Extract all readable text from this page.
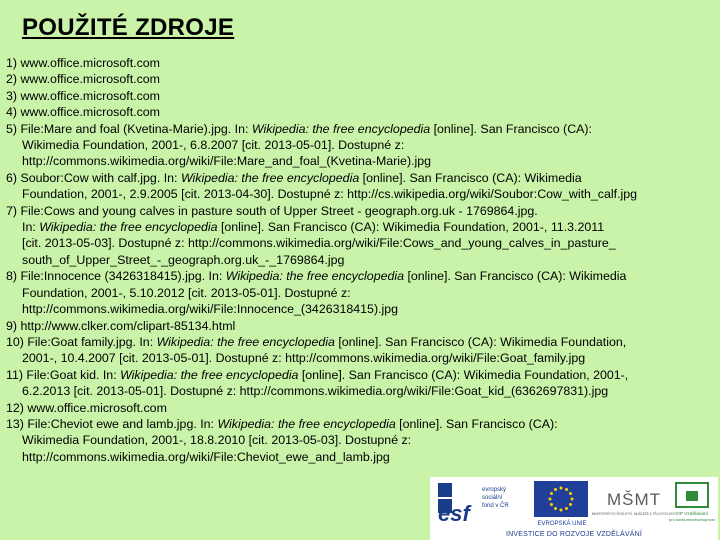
POUŽITÉ ZDROJE
1) www.office.microsoft.com
2) www.office.microsoft.com
3) www.office.microsoft.com
4) www.office.microsoft.com
5) File:Mare and foal (Kvetina-Marie).jpg. In: Wikipedia: the free encyclopedia [online]. San Francisco (CA):
Wikimedia Foundation, 2001-, 6.8.2007 [cit. 2013-05-01]. Dostupné z:
http://commons.wikimedia.org/wiki/File:Mare_and_foal_(Kvetina-Marie).jpg
6) Soubor:Cow with calf.jpg. In: Wikipedia: the free encyclopedia [online]. San Francisco (CA): Wikimedia
Foundation, 2001-, 2.9.2005 [cit. 2013-04-30]. Dostupné z: http://cs.wikipedia.org/wiki/Soubor:Cow_with_calf.jpg
7) File:Cows and young calves in pasture south of Upper Street - geograph.org.uk - 1769864.jpg.
In: Wikipedia: the free encyclopedia [online]. San Francisco (CA): Wikimedia Foundation, 2001-, 11.3.2011
[cit. 2013-05-03]. Dostupné z: http://commons.wikimedia.org/wiki/File:Cows_and_young_calves_in_pasture_
south_of_Upper_Street_-_geograph.org.uk_-_1769864.jpg
8) File:Innocence (3426318415).jpg. In: Wikipedia: the free encyclopedia [online]. San Francisco (CA): Wikimedia
Foundation, 2001-, 5.10.2012 [cit. 2013-05-01]. Dostupné z:
http://commons.wikimedia.org/wiki/File:Innocence_(3426318415).jpg
9) http://www.clker.com/clipart-85134.html
10) File:Goat family.jpg. In: Wikipedia: the free encyclopedia [online]. San Francisco (CA): Wikimedia Foundation,
2001-, 10.4.2007 [cit. 2013-05-01]. Dostupné z: http://commons.wikimedia.org/wiki/File:Goat_family.jpg
11) File:Goat kid. In: Wikipedia: the free encyclopedia [online]. San Francisco (CA): Wikimedia Foundation, 2001-,
6.2.2013 [cit. 2013-05-01]. Dostupné z: http://commons.wikimedia.org/wiki/File:Goat_kid_(6362697831).jpg
12) www.office.microsoft.com
13) File:Cheviot ewe and lamb.jpg. In: Wikipedia: the free encyclopedia [online]. San Francisco (CA):
Wikimedia Foundation, 2001-, 18.8.2010 [cit. 2013-05-03]. Dostupné z:
http://commons.wikimedia.org/wiki/File:Cheviot_ewe_and_lamb.jpg
esf
evropský
sociální
fond v ČR
EVROPSKÁ UNIE
MŠMT
MINISTERSTVO ŠKOLSTVÍ, MLÁDEŽE A TĚLOVÝCHOVY OP Vzdělávání
pro konkurenceschopnost
INVESTICE DO ROZVOJE VZDĚLÁVÁNÍ
